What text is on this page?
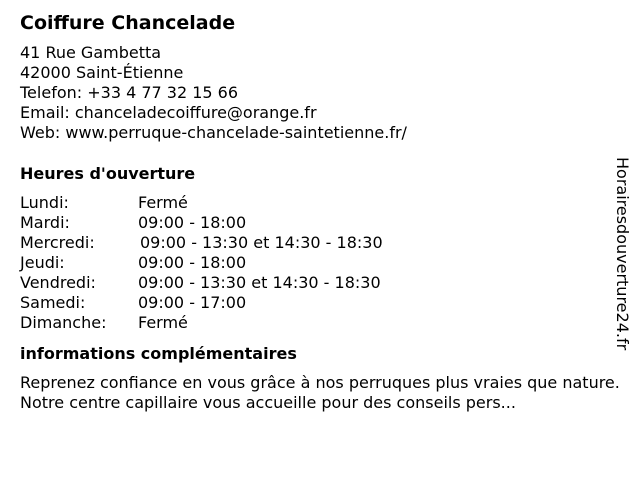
Coiffure Chancelade
41 Rue Gambetta
42000 Saint-Étienne
Telefon: +33 4 77 32 15 66
Email: chanceladecoiffure@orange.fr
Web: www.perruque-chancelade-saintetienne.fr/
Heures d'ouverture
Lundi:	Fermé
Mardi:	09:00 - 18:00
Mercredi:	09:00 - 13:30 et 14:30 - 18:30
Jeudi:	09:00 - 18:00
Vendredi:	09:00 - 13:30 et 14:30 - 18:30
Samedi:	09:00 - 17:00
Dimanche: Fermé
informations complémentaires
Reprenez confiance en vous grâce à nos perruques plus vraies que nature. Notre centre capillaire vous accueille pour des conseils pers...
Horairesdouverture24.fr
